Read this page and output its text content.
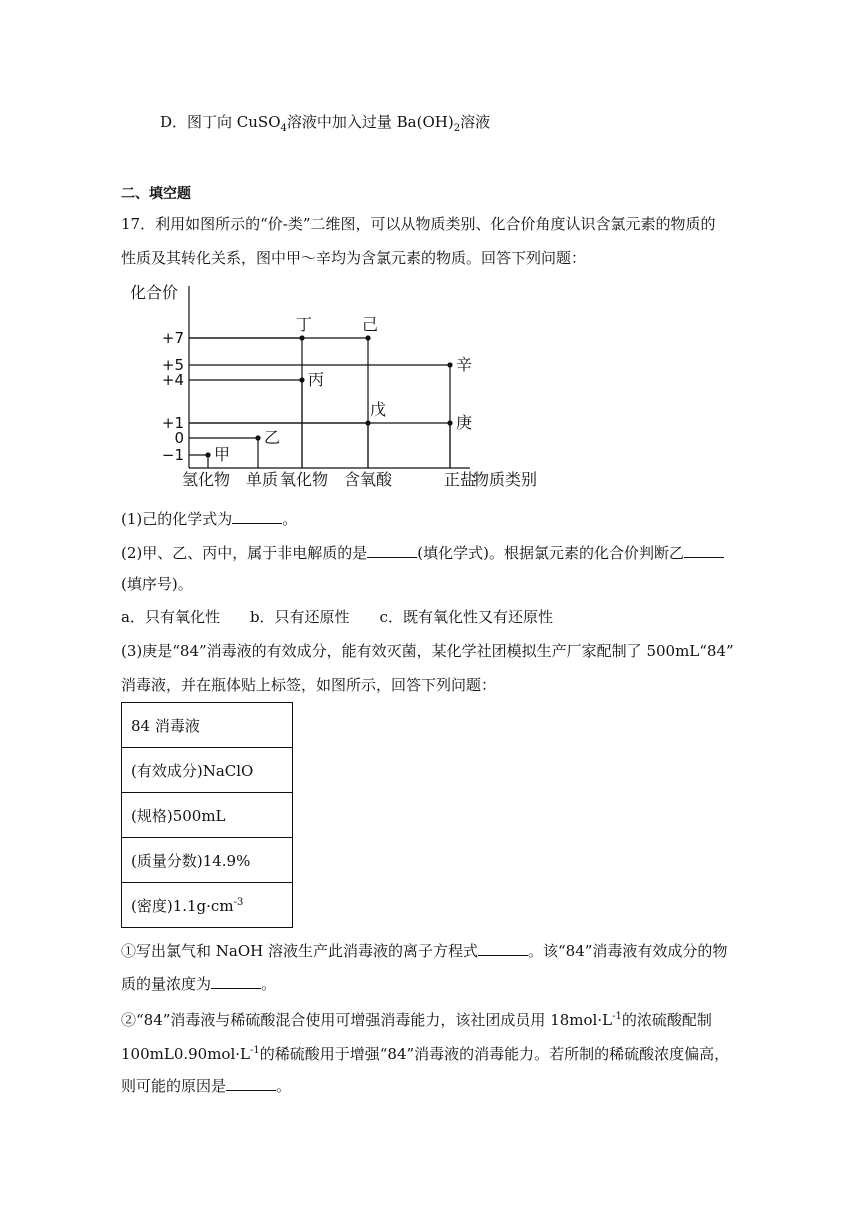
D．图丁向 CuSO$_4$溶液中加入过量 $Ba(OH)_2$溶液
二、填空题
17．利用如图所示的“价-类”二维图，可以从物质类别、化合价角度认识含氯元素的物质的
性质及其转化关系，图中甲～辛均为含氯元素的物质。回答下列问题：
化合价
物质类别
+7
+5
+4
+1
0
−1
氢化物 单质 氧化物 含氧酸	正盐
甲
乙
丙
丁
戊
己
庚
辛
(1)己的化学式为	。
(2)甲、乙、丙中，属于非电解质的是	(填化学式)。根据氯元素的化合价判断乙
(填序号)。
a．只有氧化性　　b．只有还原性　　c．既有氧化性又有还原性
(3)庚是“84”消毒液的有效成分，能有效灭菌，某化学社团模拟生产厂家配制了 500mL“84”
消毒液，并在瓶体贴上标签，如图所示，回答下列问题：
84 消毒液
(有效成分)NaClO
(规格)500mL
(质量分数)14.9%
(密度)$1.1g\cdot cm^{-3}$
①写出氯气和 NaOH 溶液生产此消毒液的离子方程式	。该“84”消毒液有效成分的物
质的量浓度为	。
②“84”消毒液与稀硫酸混合使用可增强消毒能力，该社团成员用 $18mol\cdot L^{-1}$的浓硫酸配制
$100mL0.90mol\cdot L^{-1}$的稀硫酸用于增强“84”消毒液的消毒能力。若所制的稀硫酸浓度偏高，
则可能的原因是	。
